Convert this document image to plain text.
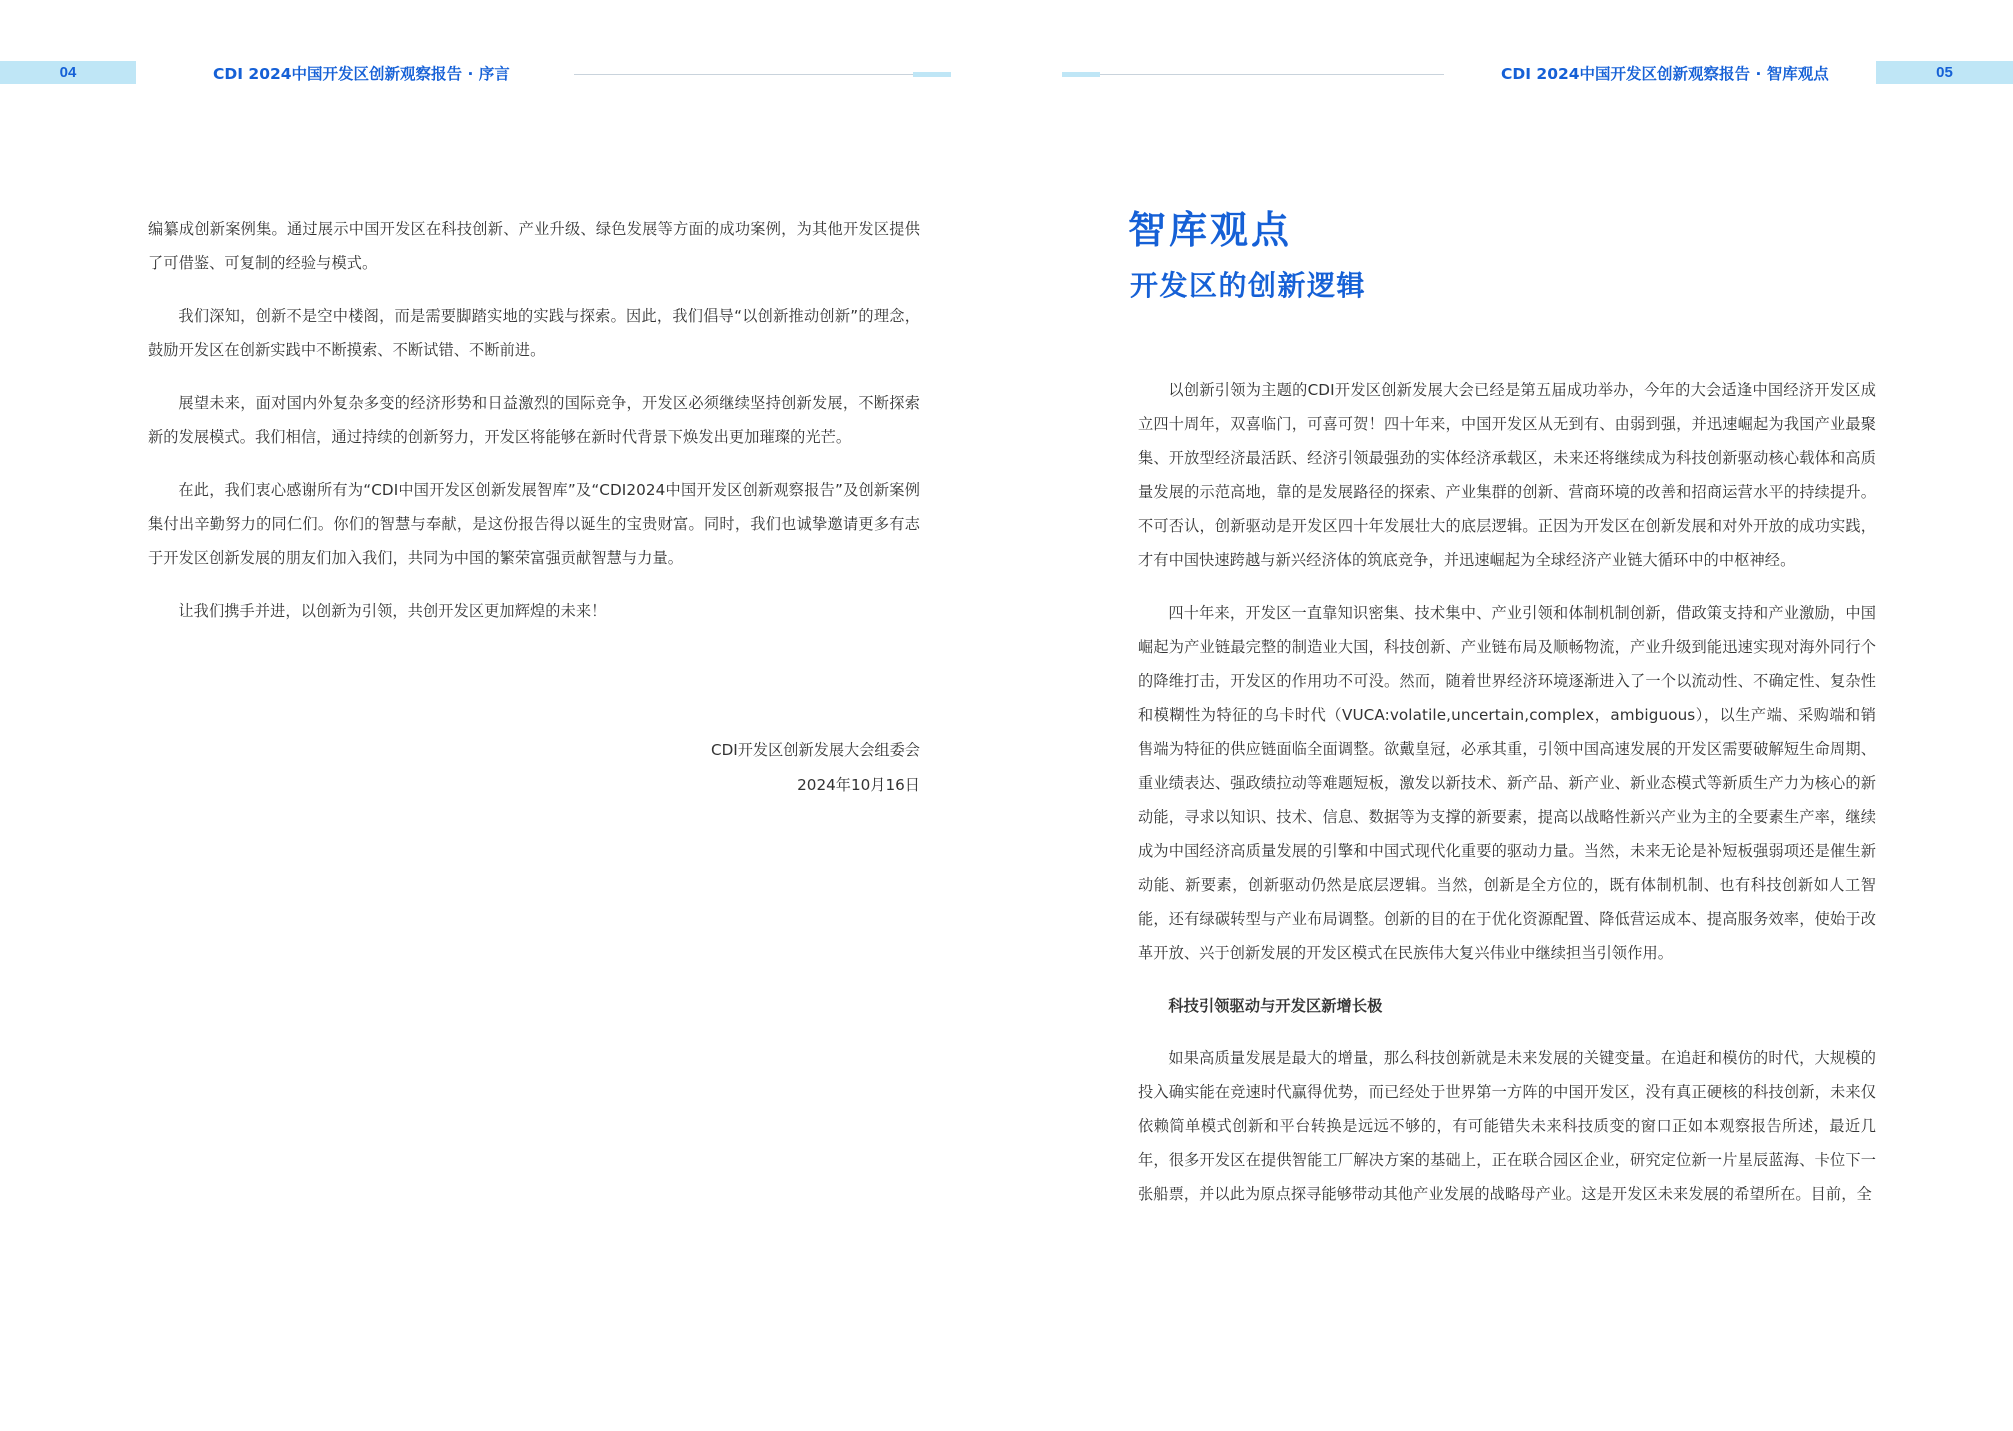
04	CDI 2024中国开发区创新观察报告 · 序言

编纂成创新案例集。通过展示中国开发区在科技创新、产业升级、绿色发展等方面的成功案例，为其他开发区提供了可借鉴、可复制的经验与模式。

我们深知，创新不是空中楼阁，而是需要脚踏实地的实践与探索。因此，我们倡导“以创新推动创新”的理念，鼓励开发区在创新实践中不断摸索、不断试错、不断前进。

展望未来，面对国内外复杂多变的经济形势和日益激烈的国际竞争，开发区必须继续坚持创新发展，不断探索新的发展模式。我们相信，通过持续的创新努力，开发区将能够在新时代背景下焕发出更加璀璨的光芒。

在此，我们衷心感谢所有为“CDI中国开发区创新发展智库”及“CDI2024中国开发区创新观察报告”及创新案例集付出辛勤努力的同仁们。你们的智慧与奉献，是这份报告得以诞生的宝贵财富。同时，我们也诚挚邀请更多有志于开发区创新发展的朋友们加入我们，共同为中国的繁荣富强贡献智慧与力量。

让我们携手并进，以创新为引领，共创开发区更加辉煌的未来！

CDI开发区创新发展大会组委会
2024年10月16日
CDI 2024中国开发区创新观察报告 · 智库观点	05
智库观点
开发区的创新逻辑

以创新引领为主题的CDI开发区创新发展大会已经是第五届成功举办，今年的大会适逢中国经济开发区成立四十周年，双喜临门，可喜可贺！四十年来，中国开发区从无到有、由弱到强，并迅速崛起为我国产业最聚集、开放型经济最活跃、经济引领最强劲的实体经济承载区，未来还将继续成为科技创新驱动核心载体和高质量发展的示范高地，靠的是发展路径的探索、产业集群的创新、营商环境的改善和招商运营水平的持续提升。不可否认，创新驱动是开发区四十年发展壮大的底层逻辑。正因为开发区在创新发展和对外开放的成功实践，才有中国快速跨越与新兴经济体的筑底竞争，并迅速崛起为全球经济产业链大循环中的中枢神经。

四十年来，开发区一直靠知识密集、技术集中、产业引领和体制机制创新，借政策支持和产业激励，中国崛起为产业链最完整的制造业大国，科技创新、产业链布局及顺畅物流，产业升级到能迅速实现对海外同行个的降维打击，开发区的作用功不可没。然而，随着世界经济环境逐渐进入了一个以流动性、不确定性、复杂性和模糊性为特征的乌卡时代（VUCA:volatile,uncertain,complex，ambiguous），以生产端、采购端和销售端为特征的供应链面临全面调整。欲戴皇冠，必承其重，引领中国高速发展的开发区需要破解短生命周期、重业绩表达、强政绩拉动等难题短板，激发以新技术、新产品、新产业、新业态模式等新质生产力为核心的新动能，寻求以知识、技术、信息、数据等为支撑的新要素，提高以战略性新兴产业为主的全要素生产率，继续成为中国经济高质量发展的引擎和中国式现代化重要的驱动力量。当然，未来无论是补短板强弱项还是催生新动能、新要素，创新驱动仍然是底层逻辑。当然，创新是全方位的，既有体制机制、也有科技创新如人工智能，还有绿碳转型与产业布局调整。创新的目的在于优化资源配置、降低营运成本、提高服务效率，使始于改革开放、兴于创新发展的开发区模式在民族伟大复兴伟业中继续担当引领作用。

科技引领驱动与开发区新增长极

如果高质量发展是最大的增量，那么科技创新就是未来发展的关键变量。在追赶和模仿的时代，大规模的投入确实能在竞速时代赢得优势，而已经处于世界第一方阵的中国开发区，没有真正硬核的科技创新，未来仅依赖简单模式创新和平台转换是远远不够的，有可能错失未来科技质变的窗口正如本观察报告所述，最近几年，很多开发区在提供智能工厂解决方案的基础上，正在联合园区企业，研究定位新一片星辰蓝海、卡位下一张船票，并以此为原点探寻能够带动其他产业发展的战略母产业。这是开发区未来发展的希望所在。目前，全
